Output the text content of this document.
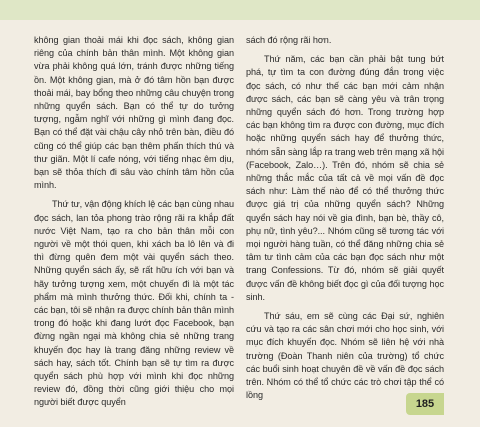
không gian thoải mái khi đọc sách, không gian riêng của chính bản thân mình. Một không gian vừa phải không quá lớn, tránh được những tiếng ồn. Một không gian, mà ở đó tâm hồn bạn được thoải mái, bay bổng theo những câu chuyện trong những quyển sách. Bạn có thể tự do tưởng tượng, ngẫm nghĩ với những gì mình đang đọc. Bạn có thể đặt vài chậu cây nhỏ trên bàn, điều đó cũng có thể giúp các bạn thêm phấn thích thú và thư giãn. Một lí cafe nóng, với tiếng nhạc êm dịu, bạn sẽ thỏa thích đi sâu vào chính tâm hồn của mình.

Thứ tư, vận động khích lệ các bạn cùng nhau đọc sách, lan tỏa phong trào rộng rãi ra khắp đất nước Việt Nam, tạo ra cho bản thân mỗi con người về một thói quen, khi xách ba lô lên và đi thì đừng quên đem một vài quyển sách theo. Những quyển sách ấy, sẽ rất hữu ích với bạn và hãy tưởng tượng xem, một chuyến đi là một tác phẩm mà mình thưởng thức. Đối khi, chính ta - các bạn, tôi sẽ nhận ra được chính bản thân mình trong đó hoặc khi đang lướt đọc Facebook, bạn đừng ngần ngại mà không chia sẻ những trang khuyến đọc hay là trang đăng những review về sách hay, sách tốt. Chính bạn sẽ tự tìm ra được quyển sách phù hợp với mình khi đọc những review đó, đồng thời cũng giới thiệu cho mọi người biết được quyển

sách đó rộng rãi hơn.

Thứ năm, các bạn cần phải bật tung bứt phá, tự tìm ta con đường đúng đắn trong việc đọc sách, có như thế các bạn mới cảm nhận được sách, các bạn sẽ càng yêu và trân trọng những quyển sách đó hơn. Trong trường hợp các bạn không tìm ra được con đường, mục đích hoặc những quyển sách hay để thưởng thức, nhóm sẵn sàng lắp ra trang web trên mạng xã hội (Facebook, Zalo…). Trên đó, nhóm sẽ chia sẻ những thắc mắc của tất cả về mọi vấn đề đọc sách như: Làm thế nào để có thể thưởng thức được giá trị của những quyển sách? Những quyển sách hay nói về gia đình, bạn bè, thầy cô, phụ nữ, tình yêu?... Nhóm cũng sẽ tương tác với mọi người hàng tuần, có thể đăng những chia sẻ tâm tư tình cảm của các bạn đọc sách như một trang Confessions. Từ đó, nhóm sẽ giải quyết được vấn đề không biết đọc gì của đối tượng học sinh.

Thứ sáu, em sẽ cùng các Đại sứ, nghiên cứu và tạo ra các sân chơi mới cho học sinh, với mục đích khuyến đọc. Nhóm sẽ liên hệ với nhà trường (Đoàn Thanh niên của trường) tổ chức các buổi sinh hoạt chuyên đề về vấn đề đọc sách trên. Nhóm có thể tổ chức các trò chơi tập thể có lồng

185
